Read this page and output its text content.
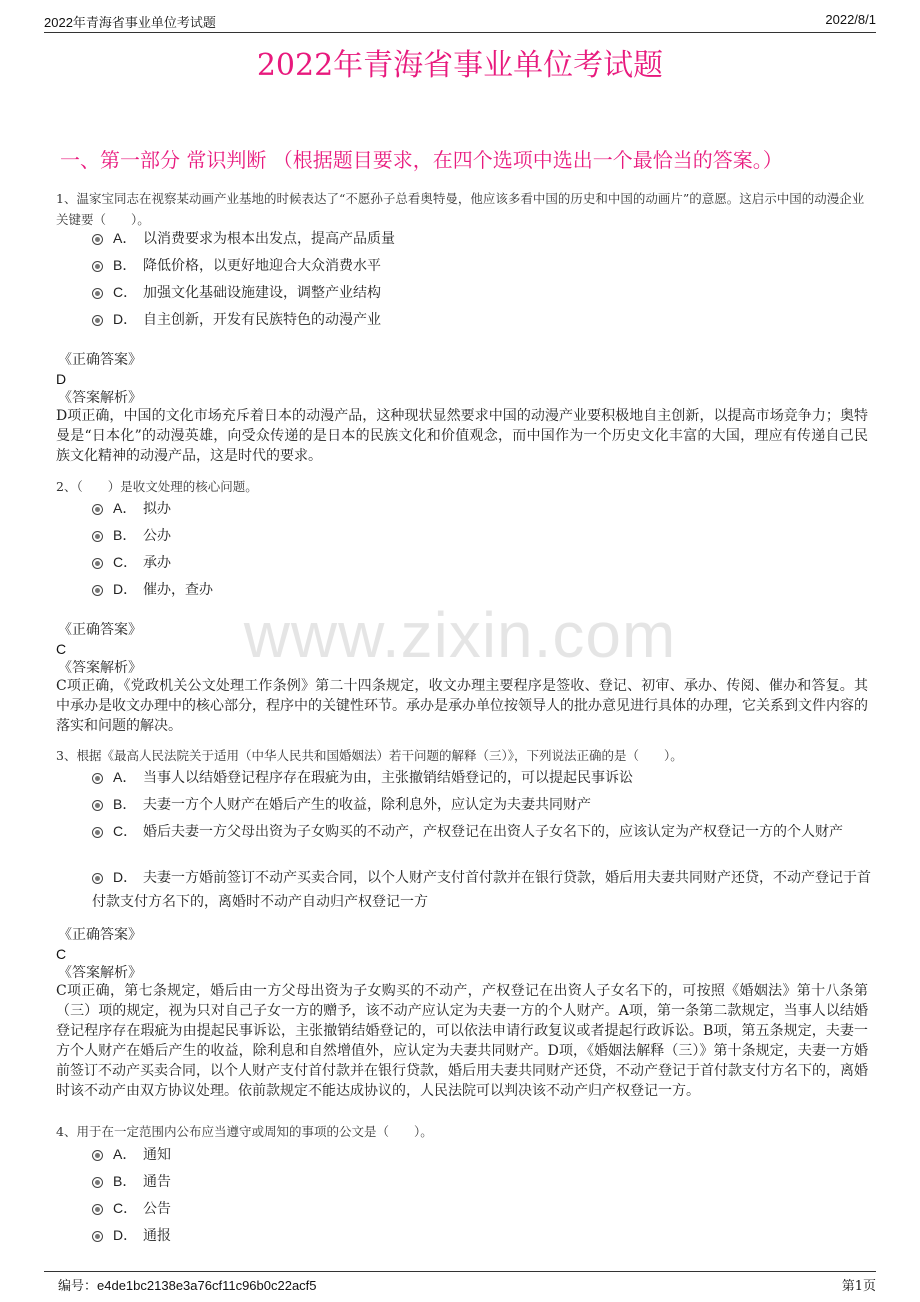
2022年青海省事业单位考试题	2022/8/1
2022年青海省事业单位考试题
一、第一部分 常识判断 （根据题目要求，在四个选项中选出一个最恰当的答案。）
www.zixin.com
1、温家宝同志在视察某动画产业基地的时候表达了“不愿孙子总看奥特曼，他应该多看中国的历史和中国的动画片”的意愿。这启示中国的动漫企业关键要（　　）。
A． 以消费要求为根本出发点，提高产品质量
B． 降低价格，以更好地迎合大众消费水平
C． 加强文化基础设施建设，调整产业结构
D． 自主创新，开发有民族特色的动漫产业
《正确答案》
D
《答案解析》
D项正确，中国的文化市场充斥着日本的动漫产品，这种现状显然要求中国的动漫产业要积极地自主创新，以提高市场竞争力；奥特曼是“日本化”的动漫英雄，向受众传递的是日本的民族文化和价值观念，而中国作为一个历史文化丰富的大国，理应有传递自己民族文化精神的动漫产品，这是时代的要求。
2、（　　）是收文处理的核心问题。
A． 拟办
B． 公办
C． 承办
D． 催办，查办
《正确答案》
C
《答案解析》
C项正确，《党政机关公文处理工作条例》第二十四条规定，收文办理主要程序是签收、登记、初审、承办、传阅、催办和答复。其中承办是收文办理中的核心部分，程序中的关键性环节。承办是承办单位按领导人的批办意见进行具体的办理，它关系到文件内容的落实和问题的解决。
3、根据《最高人民法院关于适用（中华人民共和国婚姻法）若干问题的解释（三）》，下列说法正确的是（　　）。
A． 当事人以结婚登记程序存在瑕疵为由，主张撤销结婚登记的，可以提起民事诉讼
B． 夫妻一方个人财产在婚后产生的收益，除利息外，应认定为夫妻共同财产
C． 婚后夫妻一方父母出资为子女购买的不动产，产权登记在出资人子女名下的，应该认定为产权登记一方的个人财产
D． 夫妻一方婚前签订不动产买卖合同，以个人财产支付首付款并在银行贷款，婚后用夫妻共同财产还贷，不动产登记于首付款支付方名下的，离婚时不动产自动归产权登记一方
《正确答案》
C
《答案解析》
C项正确，第七条规定，婚后由一方父母出资为子女购买的不动产，产权登记在出资人子女名下的，可按照《婚姻法》第十八条第（三）项的规定，视为只对自己子女一方的赠予，该不动产应认定为夫妻一方的个人财产。A项，第一条第二款规定，当事人以结婚登记程序存在瑕疵为由提起民事诉讼，主张撤销结婚登记的，可以依法申请行政复议或者提起行政诉讼。B项，第五条规定，夫妻一方个人财产在婚后产生的收益，除利息和自然增值外，应认定为夫妻共同财产。D项，《婚姻法解释（三）》第十条规定，夫妻一方婚前签订不动产买卖合同，以个人财产支付首付款并在银行贷款，婚后用夫妻共同财产还贷，不动产登记于首付款支付方名下的，离婚时该不动产由双方协议处理。依前款规定不能达成协议的，人民法院可以判决该不动产归产权登记一方。
4、用于在一定范围内公布应当遵守或周知的事项的公文是（　　）。
A． 通知
B． 通告
C． 公告
D． 通报
编号：e4de1bc2138e3a76cf11c96b0c22acf5	第1页
